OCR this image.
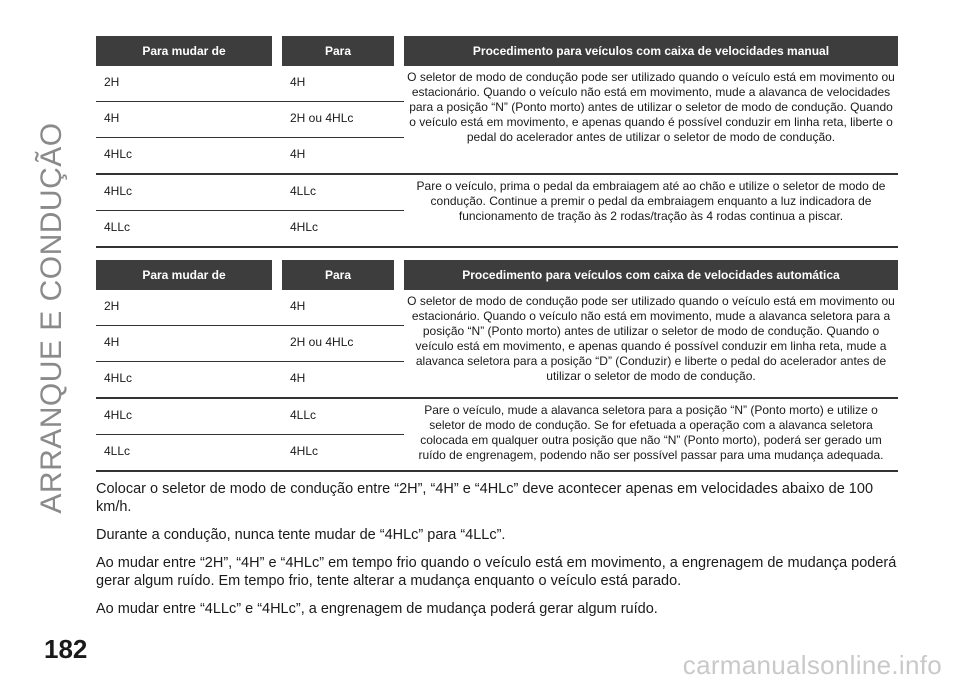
ARRANQUE E CONDUÇÃO
Para mudar de		Para		Procedimento para veículos com caixa de velocidades manual
2H		4H		O seletor de modo de condução pode ser utilizado quando o veículo está em movimento ou estacionário. Quando o veículo não está em movimento, mude a alavanca de velocidades para a posição “N” (Ponto morto) antes de utilizar o seletor de modo de condução. Quando o veículo está em movimento, e apenas quando é possível conduzir em linha reta, liberte o pedal do acelerador antes de utilizar o seletor de modo de condução.
4H		2H ou 4HLc		
4HLc		4H		
4HLc		4LLc		Pare o veículo, prima o pedal da embraiagem até ao chão e utilize o seletor de modo de condução. Continue a premir o pedal da embraiagem enquanto a luz indicadora de funcionamento de tração às 2 rodas/tração às 4 rodas continua a piscar.
4LLc		4HLc		
Para mudar de		Para		Procedimento para veículos com caixa de velocidades automática
2H		4H		O seletor de modo de condução pode ser utilizado quando o veículo está em movimento ou estacionário. Quando o veículo não está em movimento, mude a alavanca seletora para a posição “N” (Ponto morto) antes de utilizar o seletor de modo de condução. Quando o veículo está em movimento, e apenas quando é possível conduzir em linha reta, mude a alavanca seletora para a posição “D” (Conduzir) e liberte o pedal do acelerador antes de utilizar o seletor de modo de condução.
4H		2H ou 4HLc		
4HLc		4H		
4HLc		4LLc		Pare o veículo, mude a alavanca seletora para a posição “N” (Ponto morto) e utilize o seletor de modo de condução. Se for efetuada a operação com a alavanca seletora colocada em qualquer outra posição que não “N” (Ponto morto), poderá ser gerado um ruído de engrenagem, podendo não ser possível passar para uma mudança adequada.
4LLc		4HLc		

Colocar o seletor de modo de condução entre “2H”, “4H” e “4HLc” deve acontecer apenas em velocidades abaixo de 100 km/h.

Durante a condução, nunca tente mudar de “4HLc” para “4LLc”.

Ao mudar entre “2H”, “4H” e “4HLc” em tempo frio quando o veículo está em movimento, a engrenagem de mudança poderá gerar algum ruído. Em tempo frio, tente alterar a mudança enquanto o veículo está parado.

Ao mudar entre “4LLc” e “4HLc”, a engrenagem de mudança poderá gerar algum ruído.

182
carmanualsonline.info
